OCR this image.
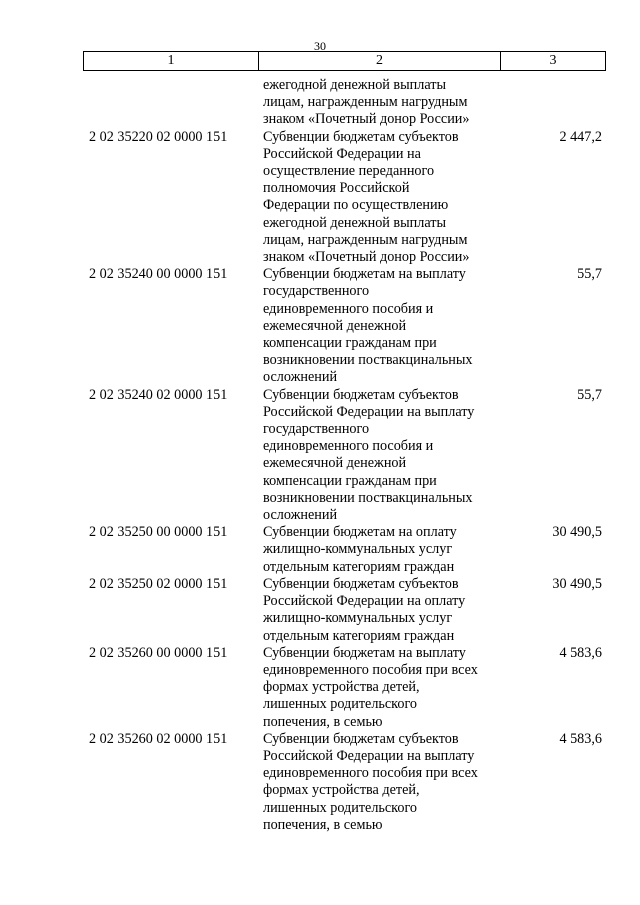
30
1	2	3
ежегодной денежной выплаты
лицам, награжденным нагрудным
знаком «Почетный донор России»
2 02 35220 02 0000 151	Субвенции бюджетам субъектов
Российской Федерации на
осуществление переданного
полномочия Российской
Федерации по осуществлению
ежегодной денежной выплаты
лицам, награжденным нагрудным
знаком «Почетный донор России»
2 447,2
2 02 35240 00 0000 151	Субвенции бюджетам на выплату
государственного
единовременного пособия и
ежемесячной денежной
компенсации гражданам при
возникновении поствакцинальных
осложнений
55,7
2 02 35240 02 0000 151	Субвенции бюджетам субъектов
Российской Федерации на выплату
государственного
единовременного пособия и
ежемесячной денежной
компенсации гражданам при
возникновении поствакцинальных
осложнений
55,7
2 02 35250 00 0000 151	Субвенции бюджетам на оплату
жилищно-коммунальных услуг
отдельным категориям граждан
30 490,5
2 02 35250 02 0000 151	Субвенции бюджетам субъектов
Российской Федерации на оплату
жилищно-коммунальных услуг
отдельным категориям граждан
30 490,5
2 02 35260 00 0000 151	Субвенции бюджетам на выплату
единовременного пособия при всех
формах устройства детей,
лишенных родительского
попечения, в семью
4 583,6
2 02 35260 02 0000 151	Субвенции бюджетам субъектов
Российской Федерации на выплату
единовременного пособия при всех
формах устройства детей,
лишенных родительского
попечения, в семью
4 583,6
